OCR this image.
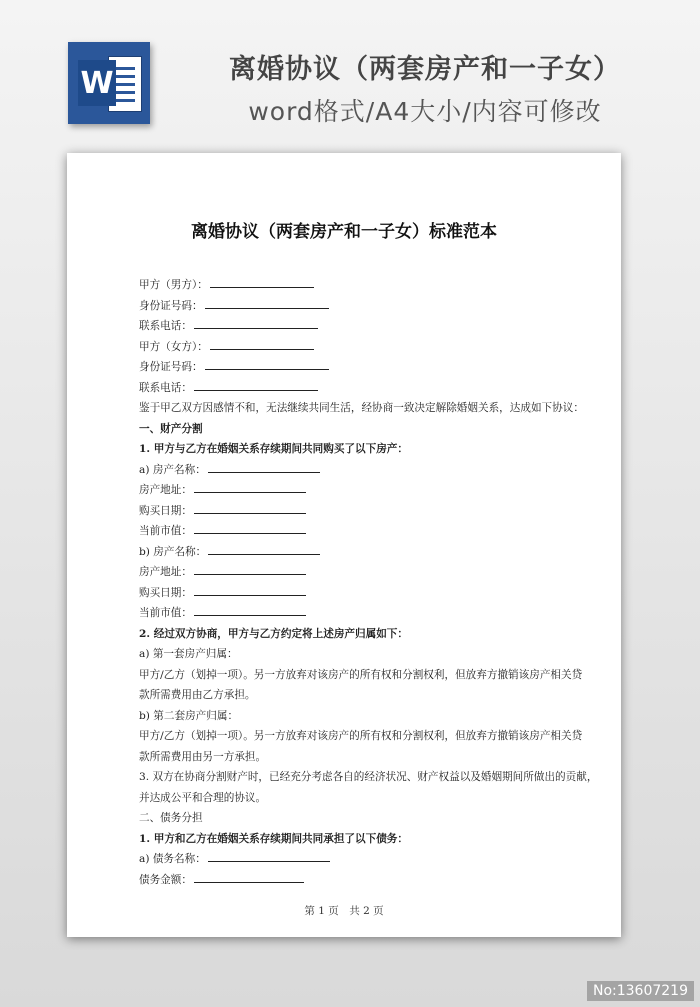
W	离婚协议（两套房产和一子女）
word格式/A4大小/内容可修改
离婚协议（两套房产和一子女）标准范本
甲方（男方）：
身份证号码：
联系电话：
甲方（女方）：
身份证号码：
联系电话：
鉴于甲乙双方因感情不和，无法继续共同生活，经协商一致决定解除婚姻关系，达成如下协议：
一、财产分割
1. 甲方与乙方在婚姻关系存续期间共同购买了以下房产：
a) 房产名称：
房产地址：
购买日期：
当前市值：
b) 房产名称：
房产地址：
购买日期：
当前市值：
2. 经过双方协商，甲方与乙方约定将上述房产归属如下：
a) 第一套房产归属：
甲方/乙方（划掉一项）。另一方放弃对该房产的所有权和分割权利，但放弃方撤销该房产相关贷
款所需费用由乙方承担。
b) 第二套房产归属：
甲方/乙方（划掉一项）。另一方放弃对该房产的所有权和分割权利，但放弃方撤销该房产相关贷
款所需费用由另一方承担。
3. 双方在协商分割财产时，已经充分考虑各自的经济状况、财产权益以及婚姻期间所做出的贡献，
并达成公平和合理的协议。
二、债务分担
1. 甲方和乙方在婚姻关系存续期间共同承担了以下债务：
a) 债务名称：
债务金额：
第 1 页　共 2 页
No:13607219
